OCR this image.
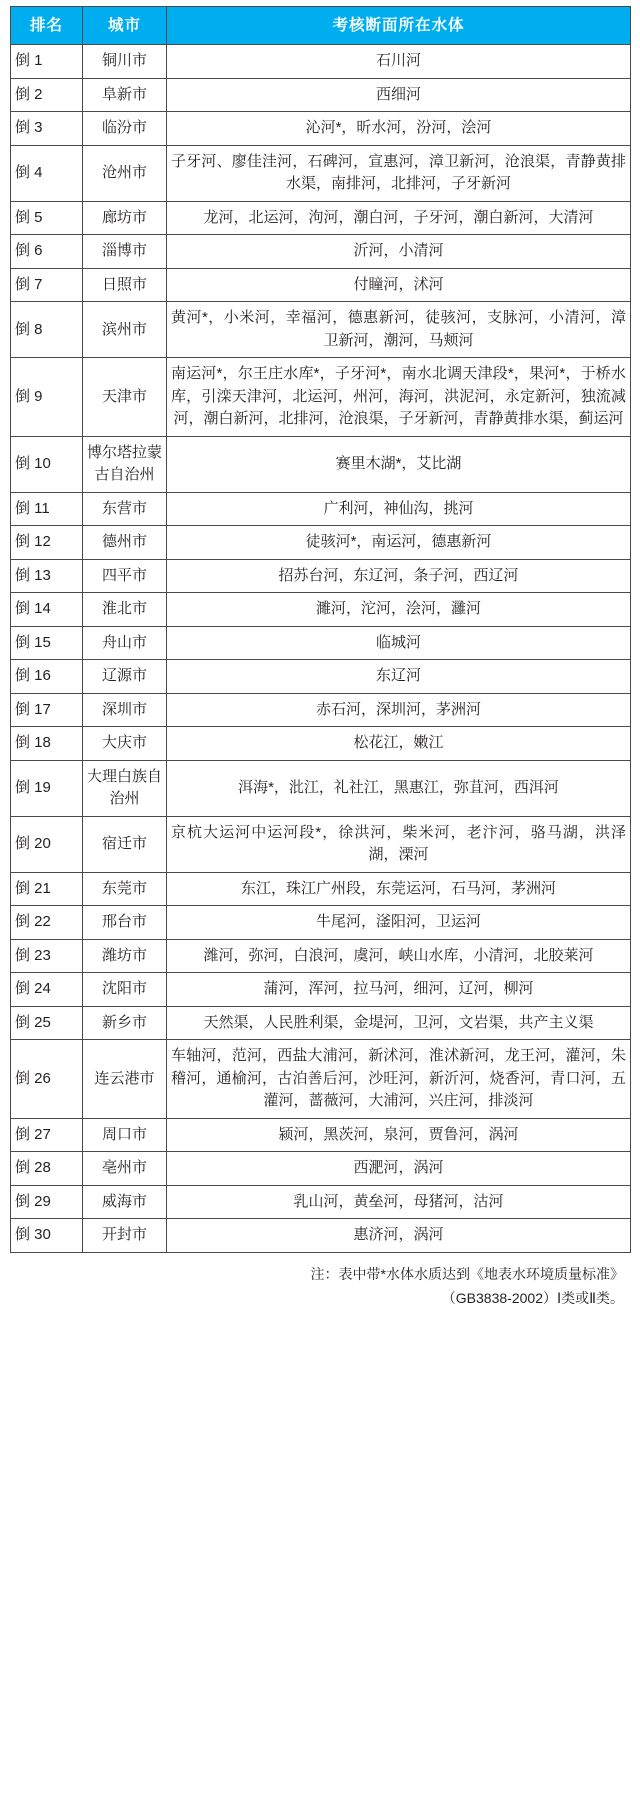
排名	城市	考核断面所在水体
倒 1	铜川市	石川河
倒 2	阜新市	西细河
倒 3	临汾市	沁河*，昕水河，汾河，浍河
倒 4	沧州市	子牙河、廖佳洼河，石碑河，宣惠河，漳卫新河，沧浪渠，青静黄排水渠，南排河，北排河，子牙新河
倒 5	廊坊市	龙河，北运河，泃河，潮白河，子牙河，潮白新河，大清河
倒 6	淄博市	沂河，小清河
倒 7	日照市	付瞳河，沭河
倒 8	滨州市	黄河*，小米河，幸福河，德惠新河，徒骇河，支脉河，小清河，漳卫新河，潮河，马颊河
倒 9	天津市	南运河*，尔王庄水库*，子牙河*，南水北调天津段*，果河*，于桥水库，引滦天津河，北运河，州河，海河，洪泥河，永定新河，独流减河，潮白新河，北排河，沧浪渠，子牙新河，青静黄排水渠，蓟运河
倒 10	博尔塔拉蒙古自治州	赛里木湖*，艾比湖
倒 11	东营市	广利河，神仙沟，挑河
倒 12	德州市	徒骇河*，南运河，德惠新河
倒 13	四平市	招苏台河，东辽河，条子河，西辽河
倒 14	淮北市	濉河，沱河，浍河，灉河
倒 15	舟山市	临城河
倒 16	辽源市	东辽河
倒 17	深圳市	赤石河，深圳河，茅洲河
倒 18	大庆市	松花江，嫩江
倒 19	大理白族自治州	洱海*，沘江，礼社江，黑惠江，弥苴河，西洱河
倒 20	宿迁市	京杭大运河中运河段*，徐洪河，柴米河，老汴河，骆马湖，洪泽湖，溧河
倒 21	东莞市	东江，珠江广州段，东莞运河，石马河，茅洲河
倒 22	邢台市	牛尾河，滏阳河，卫运河
倒 23	潍坊市	潍河，弥河，白浪河，虞河，峡山水库，小清河，北胶莱河
倒 24	沈阳市	蒲河，浑河，拉马河，细河，辽河，柳河
倒 25	新乡市	天然渠，人民胜利渠，金堤河，卫河，文岩渠，共产主义渠
倒 26	连云港市	车轴河，范河，西盐大浦河，新沭河，淮沭新河，龙王河，灌河，朱稽河，通榆河，古泊善后河，沙旺河，新沂河，烧香河，青口河，五灌河，蔷薇河，大浦河，兴庄河，排淡河
倒 27	周口市	颍河，黑茨河，泉河，贾鲁河，涡河
倒 28	亳州市	西淝河，涡河
倒 29	威海市	乳山河，黄垒河，母猪河，沽河
倒 30	开封市	惠济河，涡河
注：表中带*水体水质达到《地表水环境质量标准》
（GB3838-2002）Ⅰ类或Ⅱ类。
